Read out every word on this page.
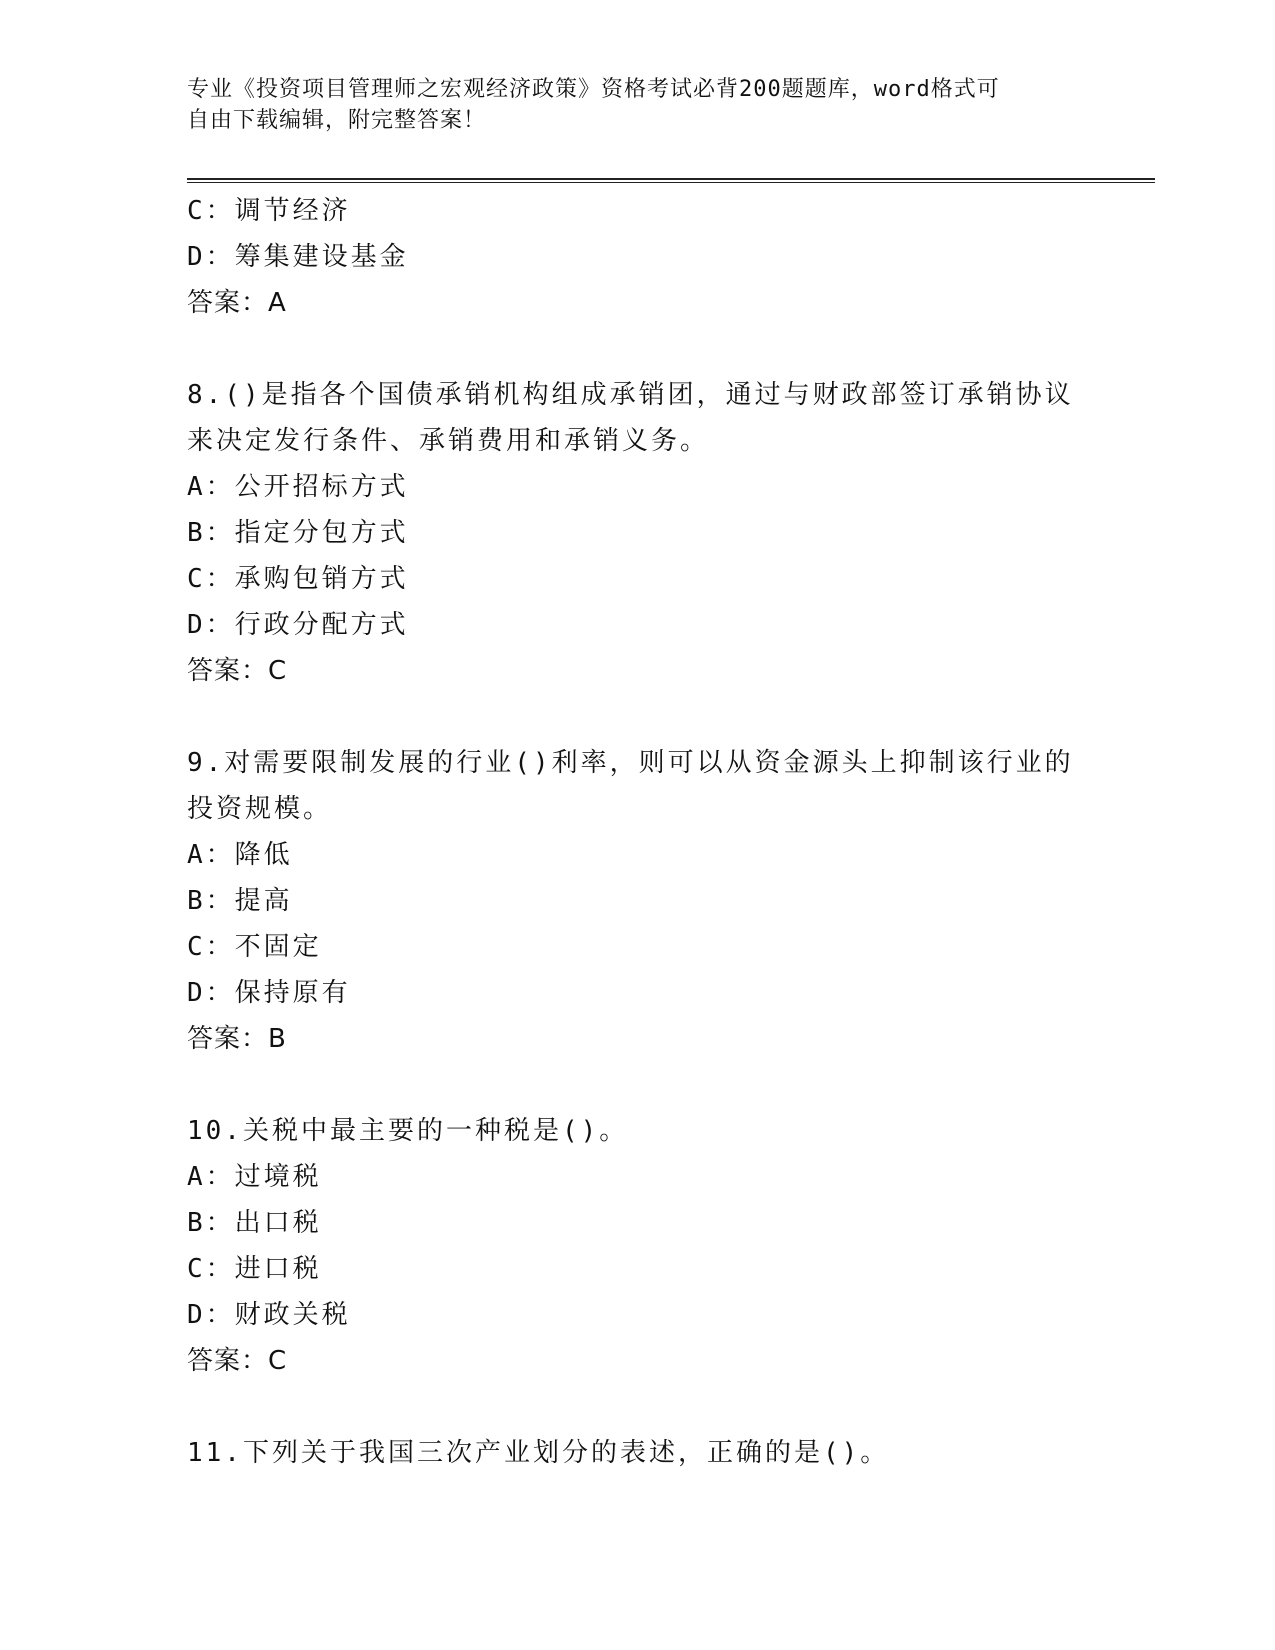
专业《投资项目管理师之宏观经济政策》资格考试必背200题题库，word格式可
自由下载编辑，附完整答案！
C：调节经济
D：筹集建设基金
答案：A
8.()是指各个国债承销机构组成承销团，通过与财政部签订承销协议
来决定发行条件、承销费用和承销义务。
A：公开招标方式
B：指定分包方式
C：承购包销方式
D：行政分配方式
答案：C
9.对需要限制发展的行业()利率，则可以从资金源头上抑制该行业的
投资规模。
A：降低
B：提高
C：不固定
D：保持原有
答案：B
10.关税中最主要的一种税是()。
A：过境税
B：出口税
C：进口税
D：财政关税
答案：C
11.下列关于我国三次产业划分的表述，正确的是()。
